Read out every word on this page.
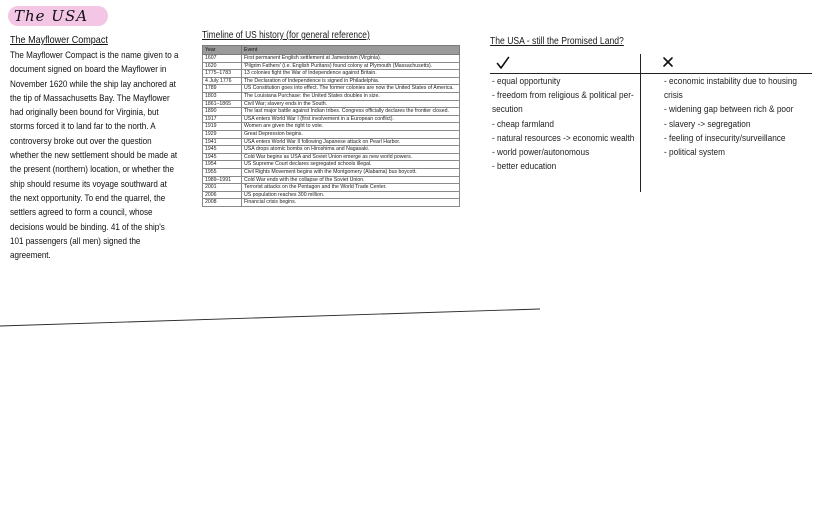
The USA

The Mayflower Compact

The Mayflower Compact is the name given to a document signed on board the Mayflower in November 1620 while the ship lay anchored at the tip of Massachusetts Bay. The Mayflower had originally been bound for Virginia, but storms forced it to land far to the north. A controversy broke out over the question whether the new settlement should be made at the present (northern) location, or whether the ship should resume its voyage southward at the next opportunity. To end the quarrel, the settlers agreed to form a council, whose decisions would be binding. 41 of the ship's 101 passengers (all men) signed the agreement.

Timeline of US history (for general reference)

Year	Event
1607	First permanent English settlement at Jamestown (Virginia).
1620	'Pilgrim Fathers' (i.e. English Puritans) found colony at Plymouth (Massachusetts).
1775–1783	13 colonies fight the War of Independence against Britain.
4 July 1776	The Declaration of Independence is signed in Philadelphia.
1789	US Constitution goes into effect. The former colonies are now the United States of America.
1803	The Louisiana Purchase: the United States doubles in size.
1861–1865	Civil War; slavery ends in the South.
1890	The last major battle against Indian tribes. Congress officially declares the frontier closed.
1917	USA enters World War I (first involvement in a European conflict).
1919	Women are given the right to vote.
1929	Great Depression begins.
1941	USA enters World War II following Japanese attack on Pearl Harbor.
1945	USA drops atomic bombs on Hiroshima and Nagasaki.
1945	Cold War begins as USA and Soviet Union emerge as new world powers.
1954	US Supreme Court declares segregated schools illegal.
1955	Civil Rights Movement begins with the Montgomery (Alabama) bus boycott.
1989–1991	Cold War ends with the collapse of the Soviet Union.
2001	Terrorist attacks on the Pentagon and the World Trade Center.
2006	US population reaches 300 million.
2008	Financial crisis begins.

The USA - still the Promised Land?

- equal opportunity
- freedom from religious & political per-secution
- cheap farmland
- natural resources -> economic wealth
- world power/autonomous
- better education
- economic instability due to housing crisis
- widening gap between rich & poor
- slavery -> segregation
- feeling of insecurity/surveillance
- political system
